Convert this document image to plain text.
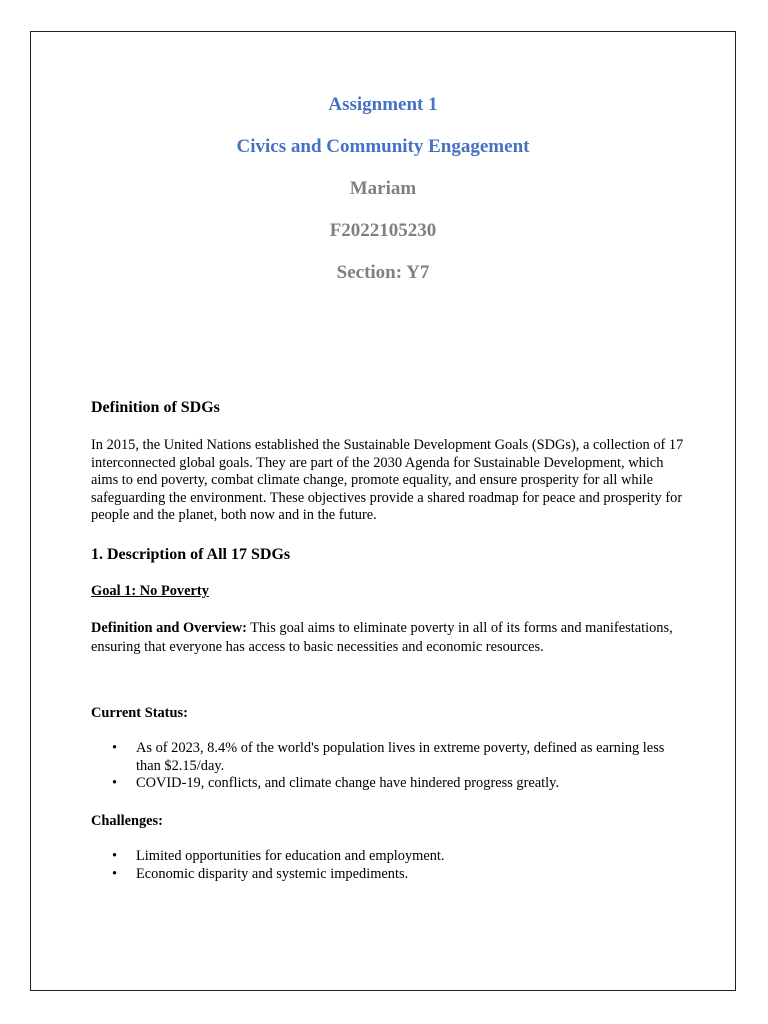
Assignment 1
Civics and Community Engagement
Mariam
F2022105230
Section: Y7
Definition of SDGs
In 2015, the United Nations established the Sustainable Development Goals (SDGs), a collection of 17 interconnected global goals. They are part of the 2030 Agenda for Sustainable Development, which aims to end poverty, combat climate change, promote equality, and ensure prosperity for all while safeguarding the environment. These objectives provide a shared roadmap for peace and prosperity for people and the planet, both now and in the future.
1. Description of All 17 SDGs
Goal 1: No Poverty
Definition and Overview: This goal aims to eliminate poverty in all of its forms and manifestations, ensuring that everyone has access to basic necessities and economic resources.
Current Status:
• As of 2023, 8.4% of the world's population lives in extreme poverty, defined as earning less than $2.15/day.
• COVID-19, conflicts, and climate change have hindered progress greatly.
Challenges:
• Limited opportunities for education and employment.
• Economic disparity and systemic impediments.
